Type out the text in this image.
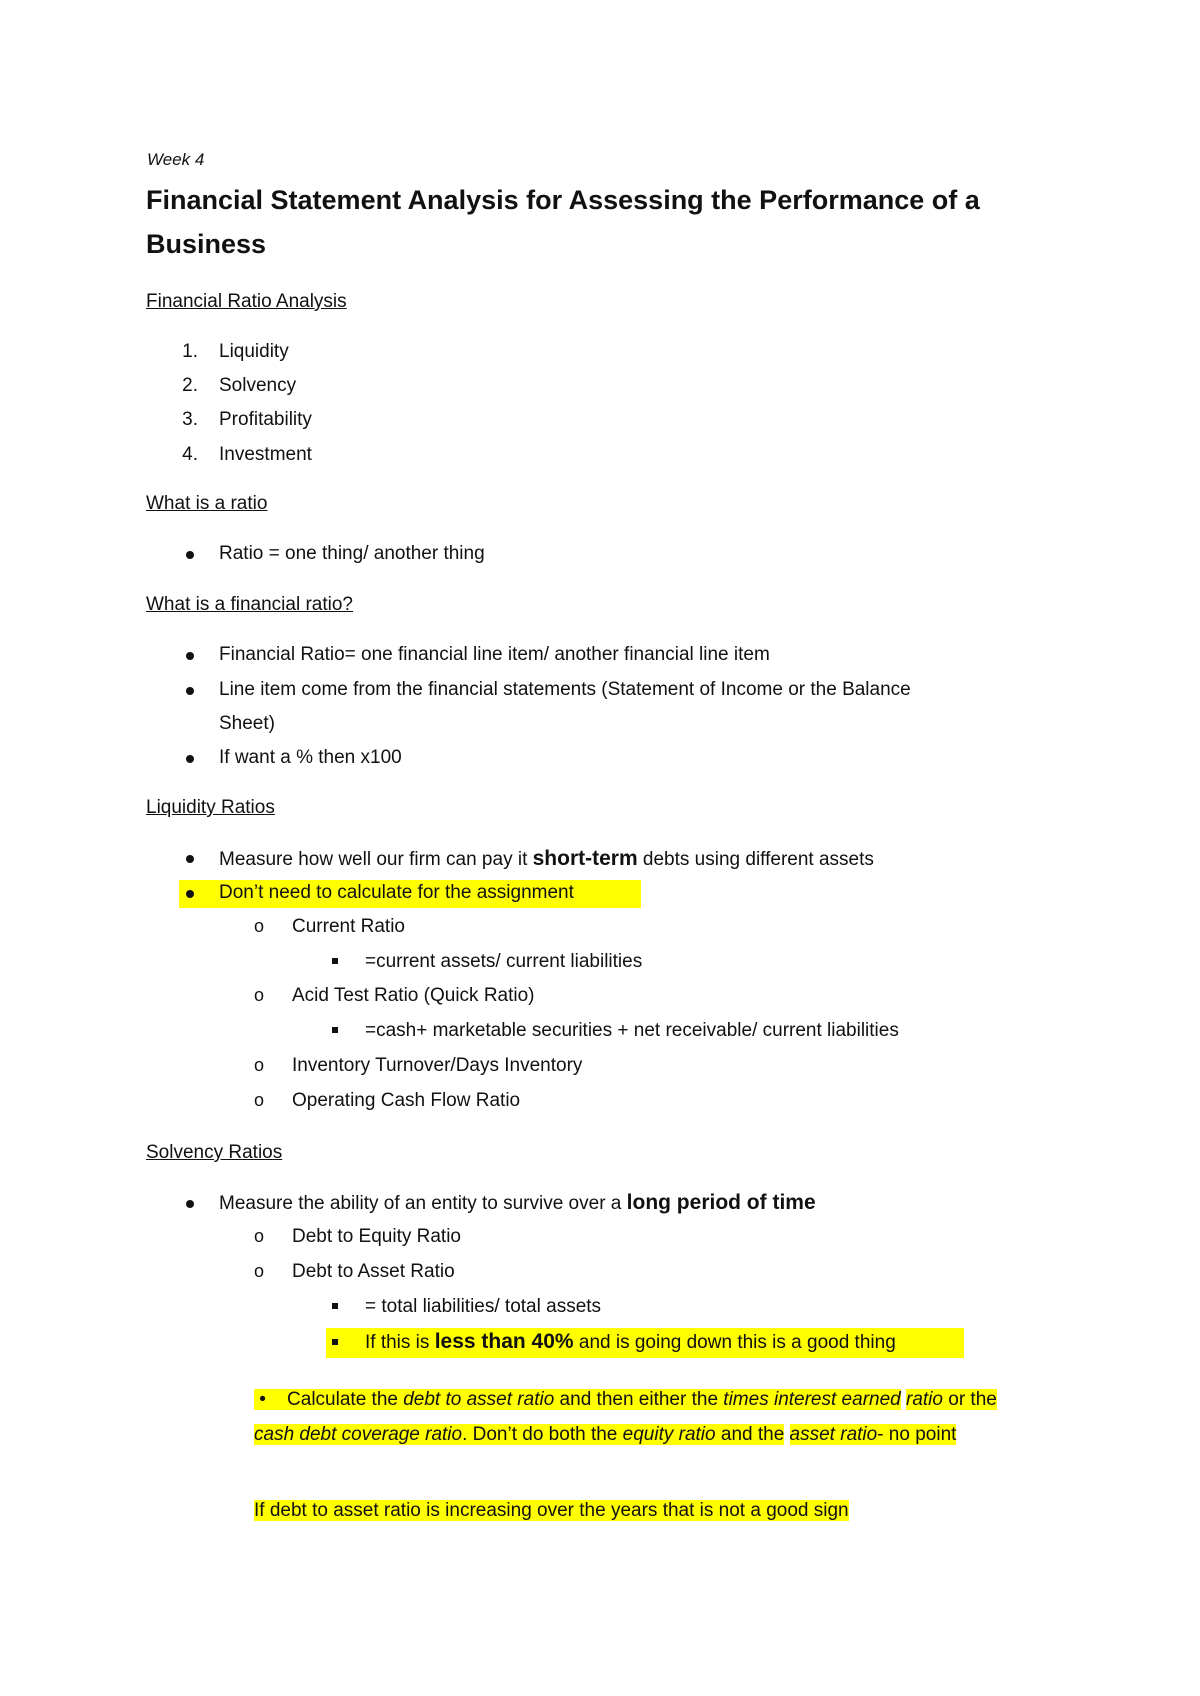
Week 4
Financial Statement Analysis for Assessing the Performance of a
Business
Financial Ratio Analysis
1. Liquidity
2. Solvency
3. Profitability
4. Investment
What is a ratio
Ratio = one thing/ another thing
What is a financial ratio?
Financial Ratio= one financial line item/ another financial line item
Line item come from the financial statements (Statement of Income or the Balance
Sheet)
If want a % then x100
Liquidity Ratios
Measure how well our firm can pay it short-term debts using different assets
Don’t need to calculate for the assignment
o Current Ratio
=current assets/ current liabilities
o Acid Test Ratio (Quick Ratio)
=cash+ marketable securities + net receivable/ current liabilities
o Inventory Turnover/Days Inventory
o Operating Cash Flow Ratio
Solvency Ratios
Measure the ability of an entity to survive over a long period of time
o Debt to Equity Ratio
o Debt to Asset Ratio
= total liabilities/ total assets
If this is less than 40% and is going down this is a good thing
•    Calculate the debt to asset ratio and then either the times interest earned ratio or the cash debt coverage ratio. Don’t do both the equity ratio and the asset ratio- no point
If debt to asset ratio is increasing over the years that is not a good sign
